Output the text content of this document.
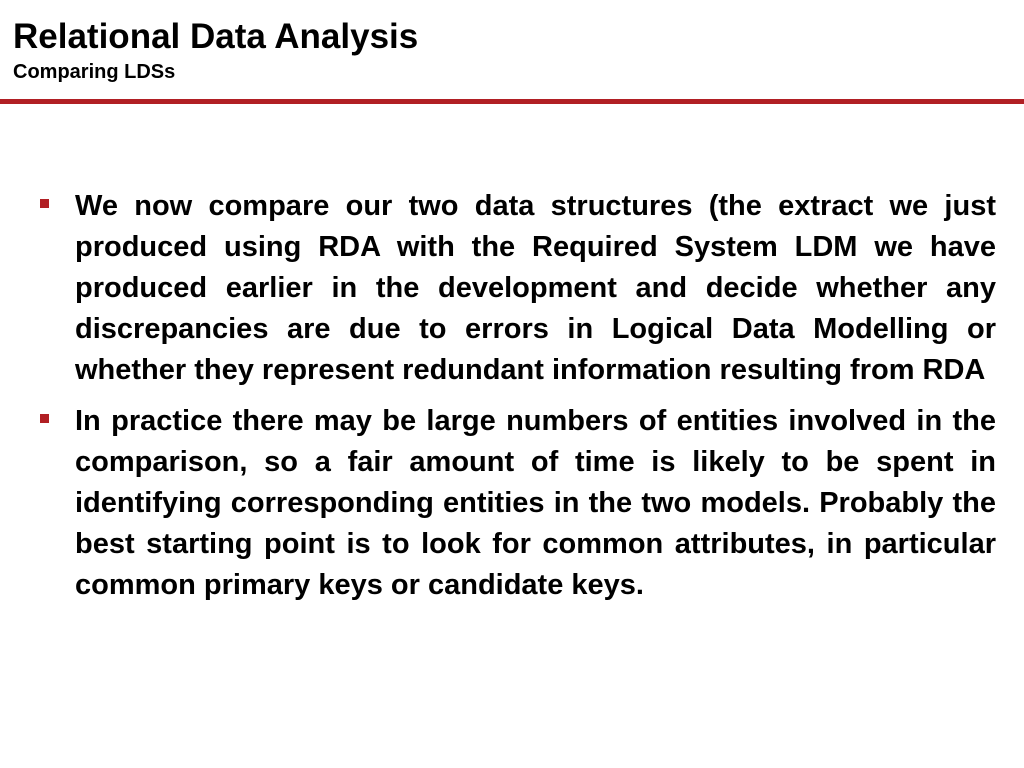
Relational Data Analysis
Comparing LDSs

We now compare our two data structures (the extract we just produced using RDA with the Required System LDM we have produced earlier in the development and decide whether any discrepancies are due to errors in Logical Data Modelling or whether they represent redundant information resulting from RDA

In practice there may be large numbers of entities involved in the comparison, so a fair amount of time is likely to be spent in identifying corresponding entities in the two models. Probably the best starting point is to look for common attributes, in particular common primary keys or candidate keys.
